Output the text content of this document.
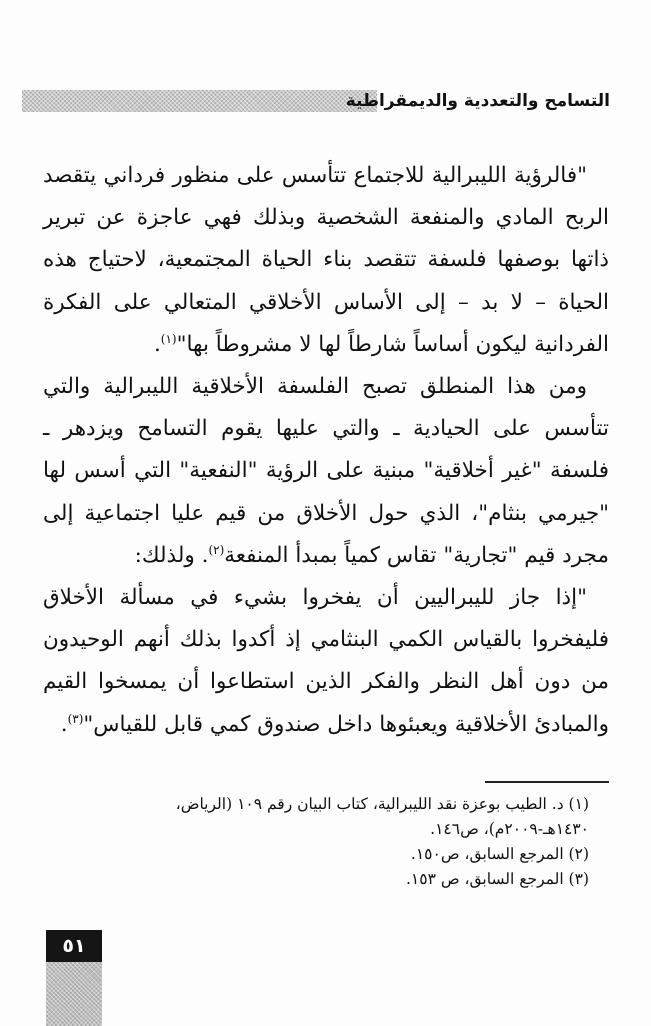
التسامح والتعددية والديمقراطية

"فالرؤية الليبرالية للاجتماع تتأسس على منظور فرداني يتقصد الربح المادي والمنفعة الشخصية وبذلك فهي عاجزة عن تبرير ذاتها بوصفها فلسفة تتقصد بناء الحياة المجتمعية، لاحتياج هذه الحياة – لا بد – إلى الأساس الأخلاقي المتعالي على الفكرة الفردانية ليكون أساساً شارطاً لها لا مشروطاً بها"$^{(١)}$.

ومن هذا المنطلق تصبح الفلسفة الأخلاقية الليبرالية والتي تتأسس على الحيادية ـ والتي عليها يقوم التسامح ويزدهر ـ فلسفة "غير أخلاقية" مبنية على الرؤية "النفعية" التي أسس لها "جيرمي بنثام"، الذي حول الأخلاق من قيم عليا اجتماعية إلى مجرد قيم "تجارية" تقاس كمياً بمبدأ المنفعة$^{(٢)}$. ولذلك:

"إذا جاز لليبراليين أن يفخروا بشيء في مسألة الأخلاق فليفخروا بالقياس الكمي البنثامي إذ أكدوا بذلك أنهم الوحيدون من دون أهل النظر والفكر الذين استطاعوا أن يمسخوا القيم والمبادئ الأخلاقية ويعبئوها داخل صندوق كمي قابل للقياس"$^{(٣)}$.

(١) د. الطيب بوعزة نقد الليبرالية، كتاب البيان رقم ١٠٩ (الرياض،

١٤٣٠هـ-٢٠٠٩م)، ص١٤٦.

(٢) المرجع السابق، ص١٥٠.

(٣) المرجع السابق، ص ١٥٣.

٥١
